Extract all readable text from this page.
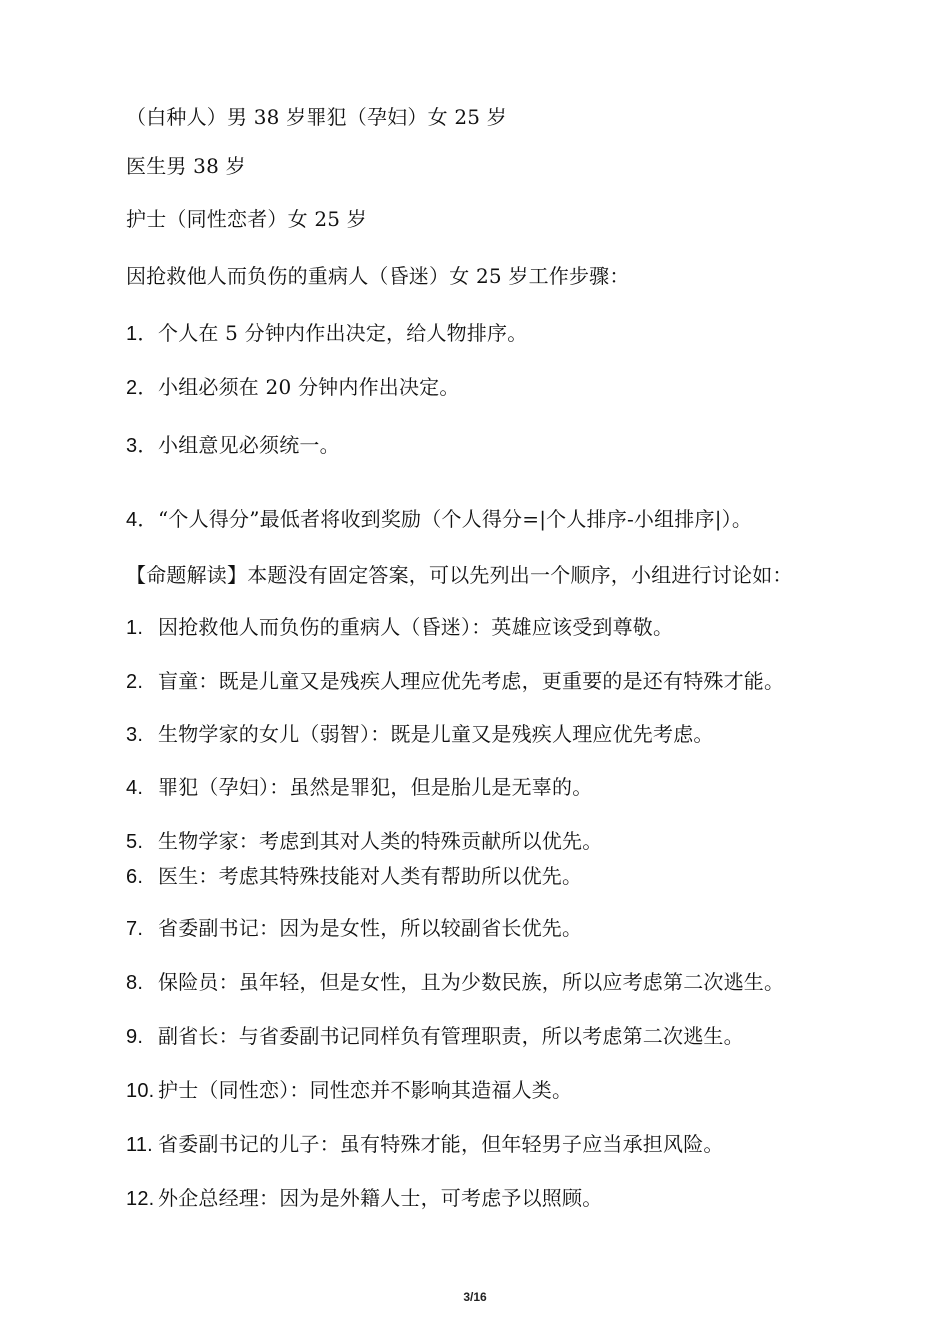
（白种人）男 38 岁罪犯（孕妇）女 25 岁
医生男 38 岁
护士（同性恋者）女 25 岁
因抢救他人而负伤的重病人（昏迷）女 25 岁工作步骤：
1．个人在 5 分钟内作出决定，给人物排序。
2．小组必须在 20 分钟内作出决定。
3．小组意见必须统一。
4．“个人得分”最低者将收到奖励（个人得分=|个人排序-小组排序|）。
【命题解读】本题没有固定答案，可以先列出一个顺序，小组进行讨论如：
1. 因抢救他人而负伤的重病人（昏迷）：英雄应该受到尊敬。
2. 盲童：既是儿童又是残疾人理应优先考虑，更重要的是还有特殊才能。
3. 生物学家的女儿（弱智）：既是儿童又是残疾人理应优先考虑。
4. 罪犯（孕妇）：虽然是罪犯，但是胎儿是无辜的。
5. 生物学家：考虑到其对人类的特殊贡献所以优先。
6. 医生：考虑其特殊技能对人类有帮助所以优先。
7. 省委副书记：因为是女性，所以较副省长优先。
8. 保险员：虽年轻，但是女性，且为少数民族，所以应考虑第二次逃生。
9. 副省长：与省委副书记同样负有管理职责，所以考虑第二次逃生。
10. 护士（同性恋）：同性恋并不影响其造福人类。
11. 省委副书记的儿子：虽有特殊才能，但年轻男子应当承担风险。
12. 外企总经理：因为是外籍人士，可考虑予以照顾。
3/16
